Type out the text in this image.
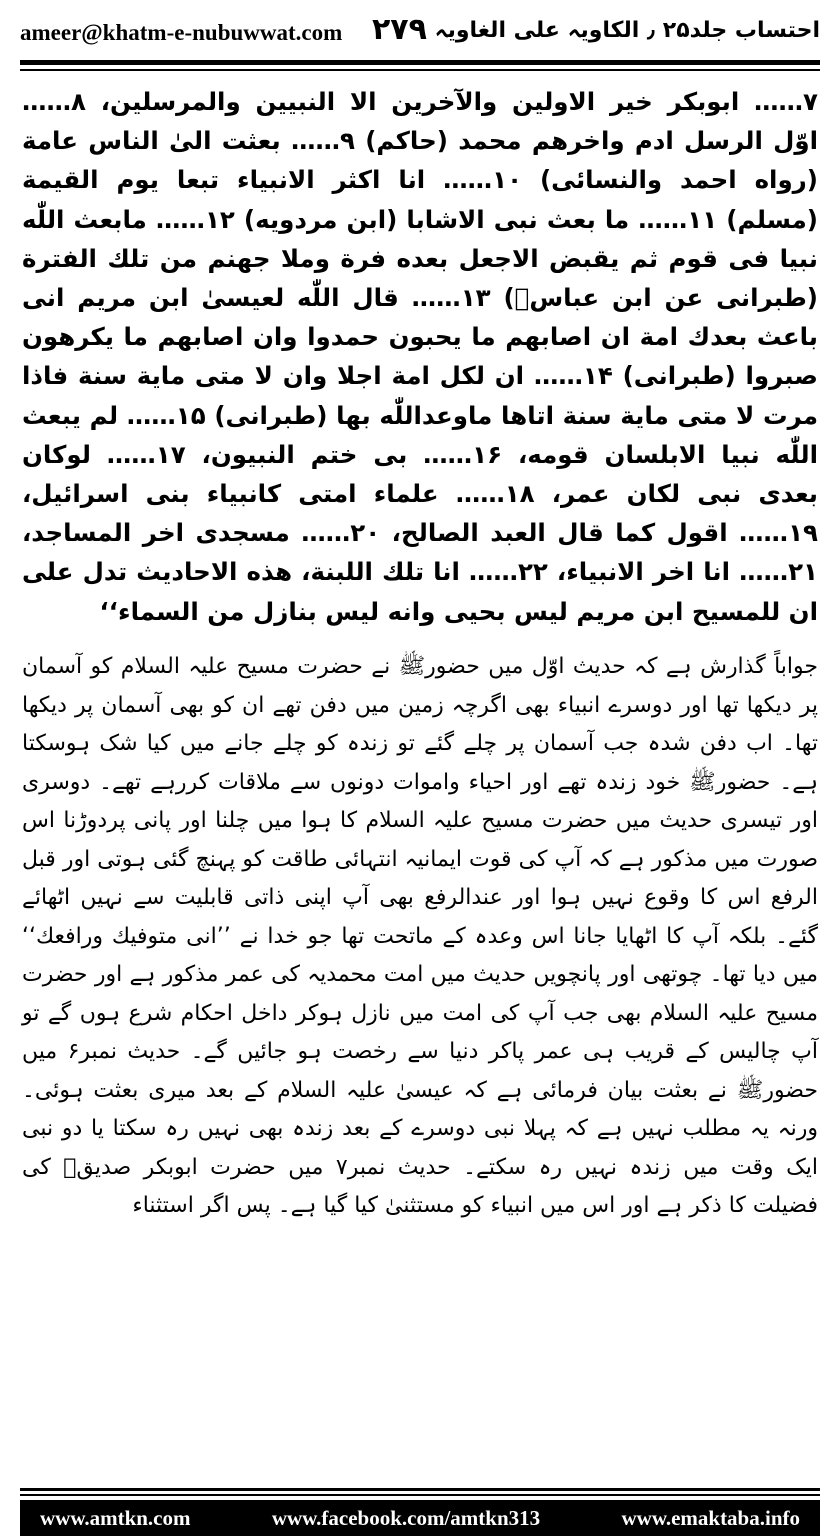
ameer@khatm-e-nubuwwat.com ۲۷۹ احتساب جلد۲۵ ٫ الکاویہ علی الغاویہ

۷…… ابوبکر خیر الاولین والآخرین الا النبیین والمرسلین، ۸…… اوّل الرسل ادم واخرهم محمد (حاکم) ۹…… بعثت الیٰ الناس عامة (رواه احمد والنسائی) ۱۰…… انا اکثر الانبیاء تبعا یوم القیمة (مسلم) ۱۱…… ما بعث نبی الاشابا (ابن مردویه) ۱۲…… مابعث اللّٰه نبیا فی قوم ثم یقبض الاجعل بعده فرة وملا جهنم من تلك الفترة (طبرانی عن ابن عباسؓ) ۱۳…… قال اللّٰه لعیسیٰ ابن مریم انی باعث بعدك امة ان اصابهم ما یحبون حمدوا وان اصابهم ما یکرهون صبروا (طبرانی) ۱۴…… ان لکل امة اجلا وان لا متی مایة سنة فاذا مرت لا متی مایة سنة اتاها ماوعداللّٰه بها (طبرانی) ۱۵…… لم یبعث اللّٰه نبیا الابلسان قومه، ۱۶…… بی ختم النبیون، ۱۷…… لوکان بعدی نبی لکان عمر، ۱۸…… علماء امتی کانبیاء بنی اسرائیل، ۱۹…… اقول کما قال العبد الصالح، ۲۰…… مسجدی اخر المساجد، ۲۱…… انا اخر الانبیاء، ۲۲…… انا تلك اللبنة، هذه الاحادیث تدل علی ان للمسیح ابن مریم لیس بحیی وانه لیس بنازل من السماء‘‘

جواباً گذارش ہے کہ حدیث اوّل میں حضورﷺ نے حضرت مسیح علیہ السلام کو آسمان پر دیکھا تھا اور دوسرے انبیاء بھی اگرچہ زمین میں دفن تھے ان کو بھی آسمان پر دیکھا تھا۔ اب دفن شدہ جب آسمان پر چلے گئے تو زندہ کو چلے جانے میں کیا شک ہوسکتا ہے۔ حضورﷺ خود زندہ تھے اور احیاء واموات دونوں سے ملاقات کررہے تھے۔ دوسری اور تیسری حدیث میں حضرت مسیح علیہ السلام کا ہوا میں چلنا اور پانی پردوڑنا اس صورت میں مذکور ہے کہ آپ کی قوت ایمانیہ انتہائی طاقت کو پہنچ گئی ہوتی اور قبل الرفع اس کا وقوع نہیں ہوا اور عندالرفع بھی آپ اپنی ذاتی قابلیت سے نہیں اٹھائے گئے۔ بلکہ آپ کا اٹھایا جانا اس وعدہ کے ماتحت تھا جو خدا نے ’’انی متوفیك ورافعك‘‘ میں دیا تھا۔ چوتھی اور پانچویں حدیث میں امت محمدیہ کی عمر مذکور ہے اور حضرت مسیح علیہ السلام بھی جب آپ کی امت میں نازل ہوکر داخل احکام شرع ہوں گے تو آپ چالیس کے قریب ہی عمر پاکر دنیا سے رخصت ہو جائیں گے۔ حدیث نمبر۶ میں حضورﷺ نے بعثت بیان فرمائی ہے کہ عیسیٰ علیہ السلام کے بعد میری بعثت ہوئی۔ ورنہ یہ مطلب نہیں ہے کہ پہلا نبی دوسرے کے بعد زندہ بھی نہیں رہ سکتا یا دو نبی ایک وقت میں زندہ نہیں رہ سکتے۔ حدیث نمبر۷ میں حضرت ابوبکر صدیقؓ کی فضیلت کا ذکر ہے اور اس میں انبیاء کو مستثنیٰ کیا گیا ہے۔ پس اگر استثناء

www.amtkn.com	www.facebook.com/amtkn313	www.emaktaba.info
